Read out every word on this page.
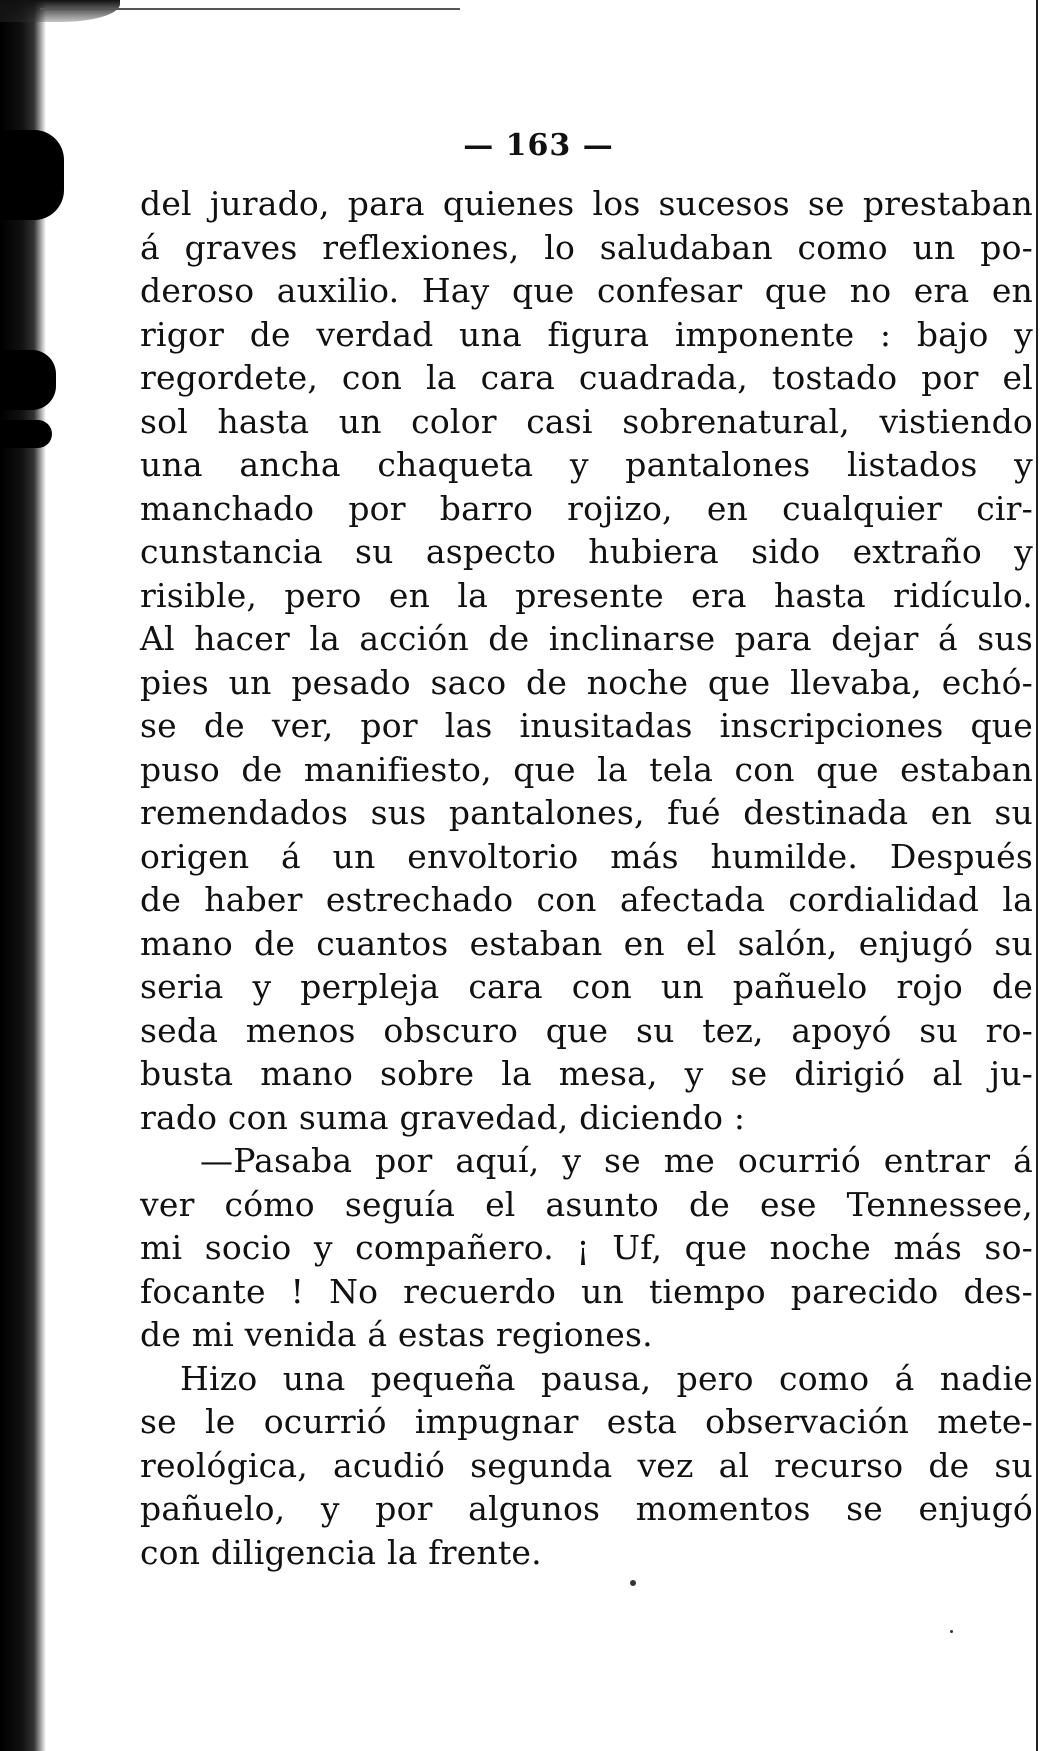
— 163 —
del jurado, para quienes los sucesos se prestaban
á graves reflexiones, lo saludaban como un po-
deroso auxilio. Hay que confesar que no era en
rigor de verdad una figura imponente : bajo y
regordete, con la cara cuadrada, tostado por el
sol hasta un color casi sobrenatural, vistiendo
una ancha chaqueta y pantalones listados y
manchado por barro rojizo, en cualquier cir-
cunstancia su aspecto hubiera sido extraño y
risible, pero en la presente era hasta ridículo.
Al hacer la acción de inclinarse para dejar á sus
pies un pesado saco de noche que llevaba, echó-
se de ver, por las inusitadas inscripciones que
puso de manifiesto, que la tela con que estaban
remendados sus pantalones, fué destinada en su
origen á un envoltorio más humilde. Después
de haber estrechado con afectada cordialidad la
mano de cuantos estaban en el salón, enjugó su
seria y perpleja cara con un pañuelo rojo de
seda menos obscuro que su tez, apoyó su ro-
busta mano sobre la mesa, y se dirigió al ju-
rado con suma gravedad, diciendo :
—Pasaba por aquí, y se me ocurrió entrar á
ver cómo seguía el asunto de ese Tennessee,
mi socio y compañero. ¡ Uf, que noche más so-
focante ! No recuerdo un tiempo parecido des-
de mi venida á estas regiones.
Hizo una pequeña pausa, pero como á nadie
se le ocurrió impugnar esta observación mete-
reológica, acudió segunda vez al recurso de su
pañuelo, y por algunos momentos se enjugó
con diligencia la frente.
